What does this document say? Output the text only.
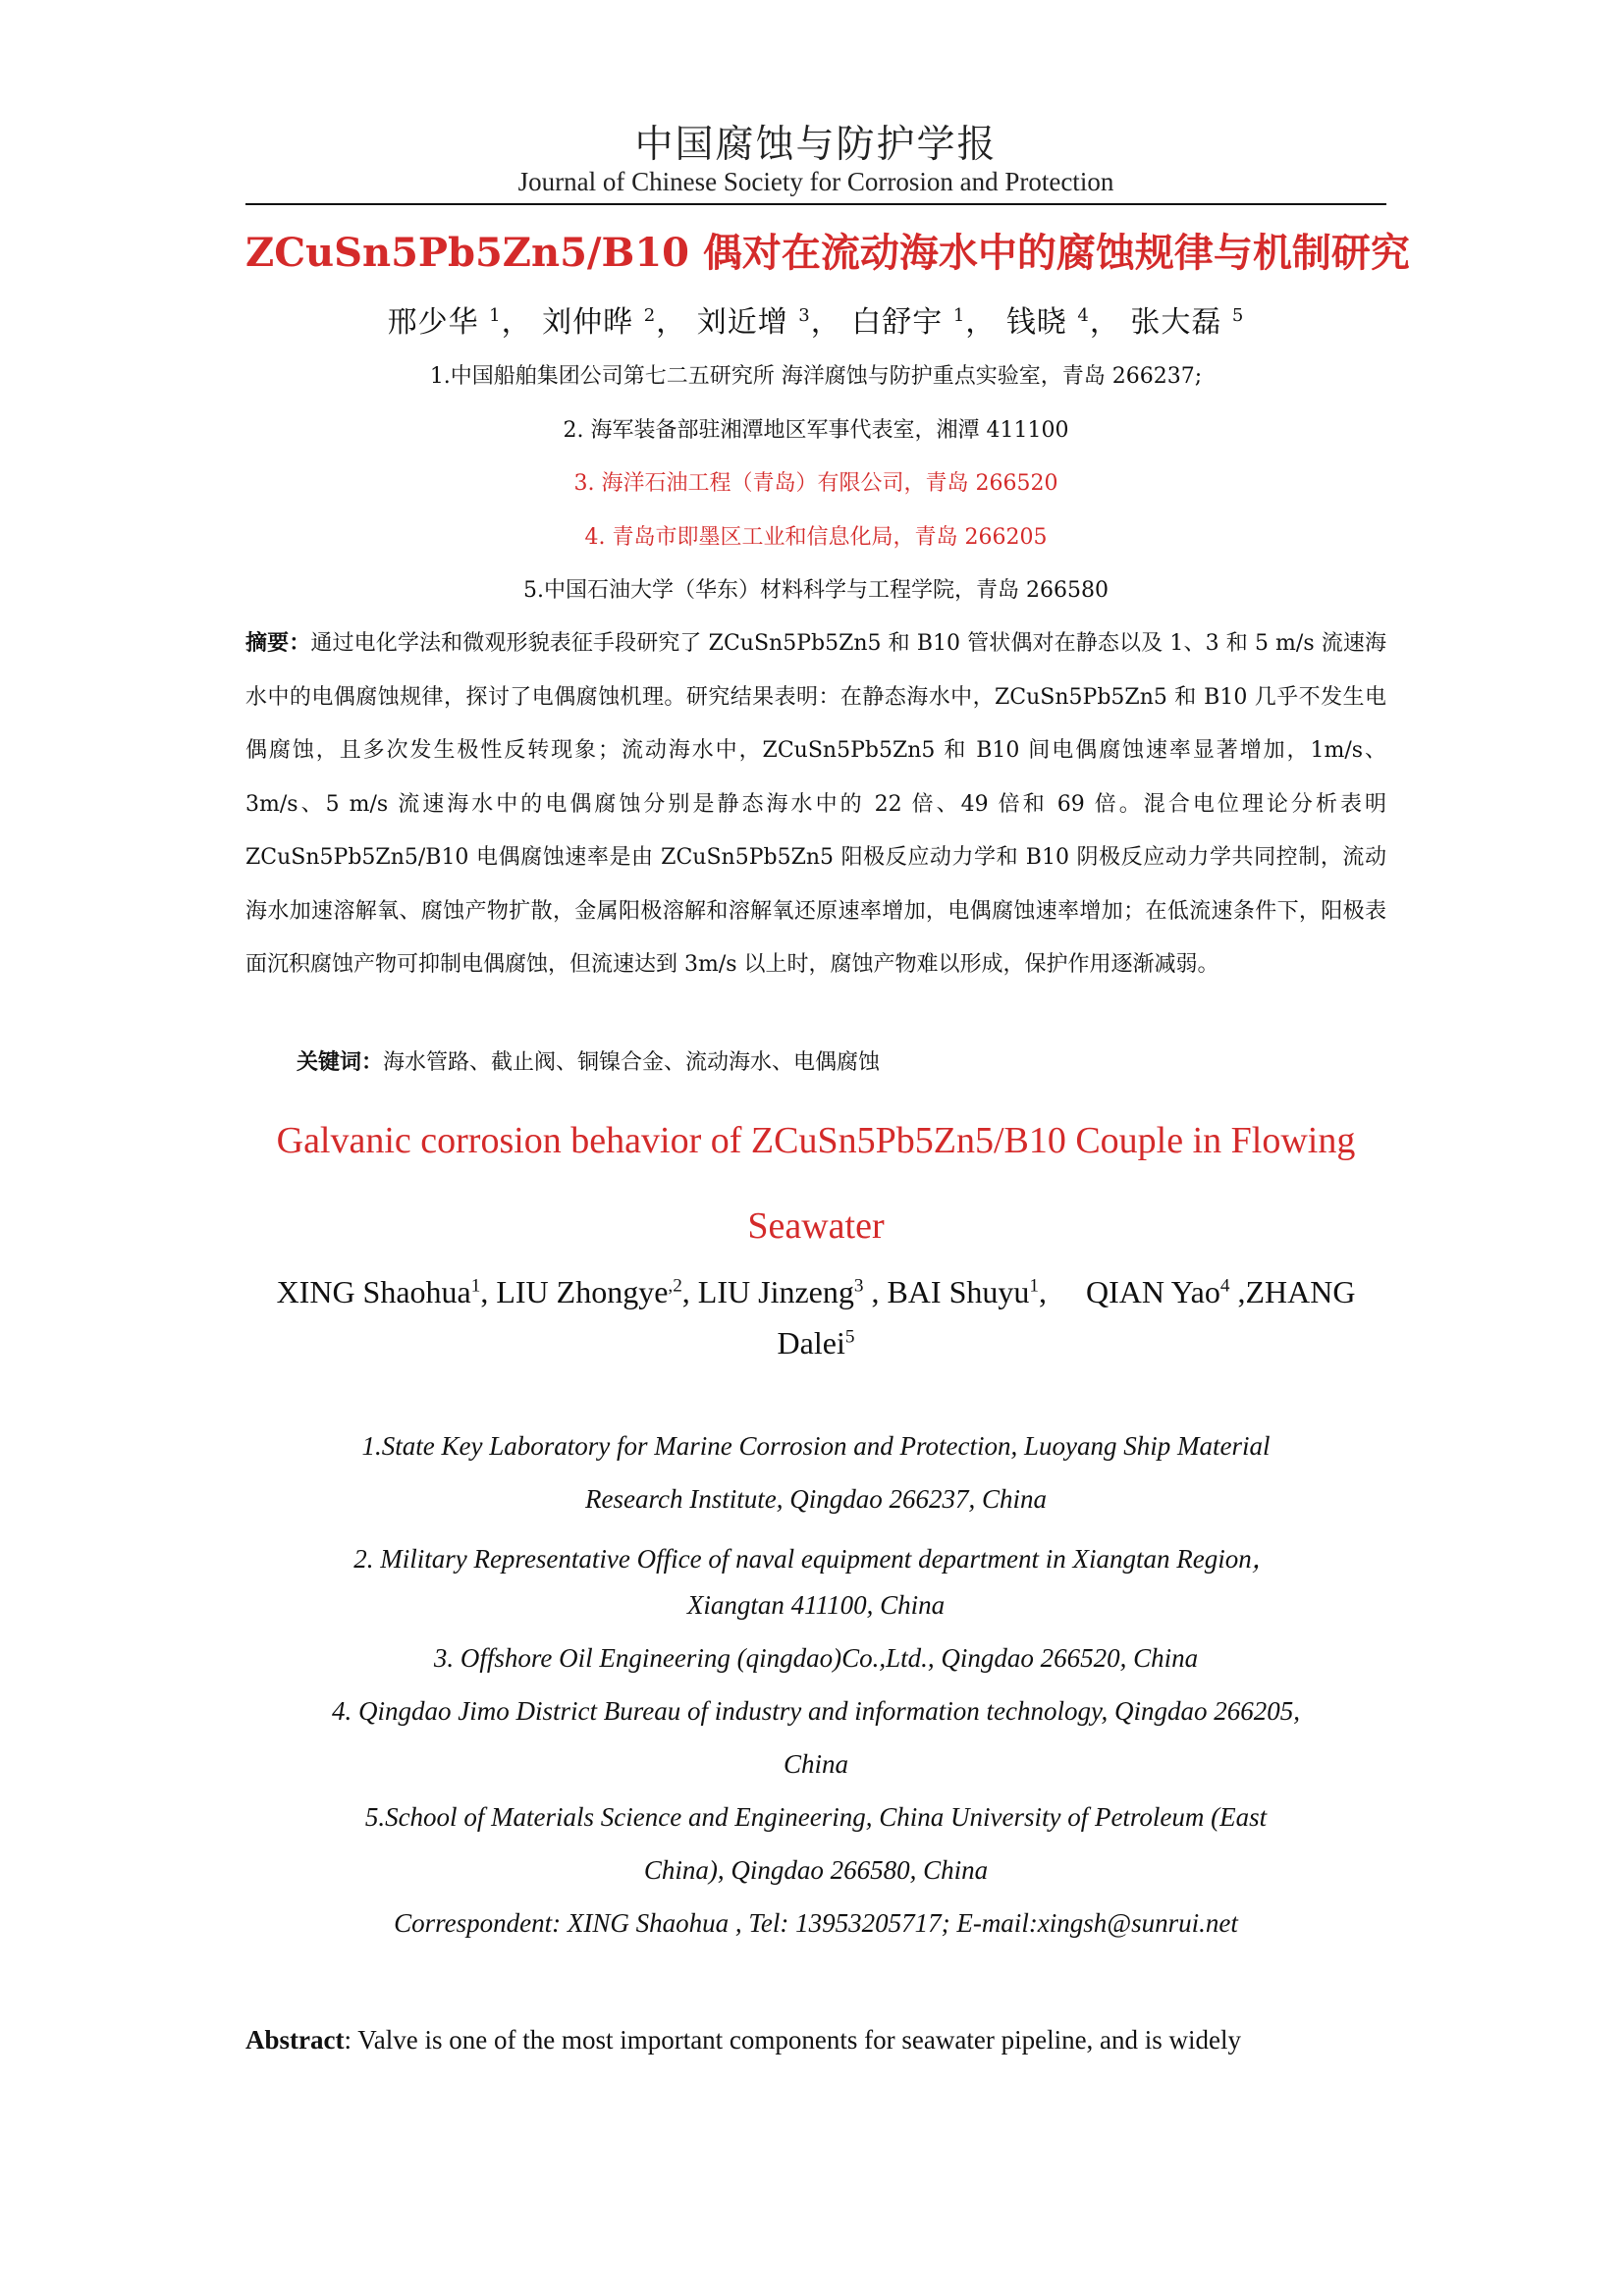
中国腐蚀与防护学报
Journal of Chinese Society for Corrosion and Protection
ZCuSn5Pb5Zn5/B10 偶对在流动海水中的腐蚀规律与机制研究
邢少华 $^1$， 刘仲晔 $^2$， 刘近增 $^3$， 白舒宇 $^1$， 钱晓 $^4$， 张大磊 $^5$
1.中国船舶集团公司第七二五研究所 海洋腐蚀与防护重点实验室，青岛 266237;
2. 海军装备部驻湘潭地区军事代表室，湘潭 411100
3. 海洋石油工程（青岛）有限公司，青岛 266520
4. 青岛市即墨区工业和信息化局，青岛 266205
5.中国石油大学（华东）材料科学与工程学院，青岛 266580
摘要：通过电化学法和微观形貌表征手段研究了 ZCuSn5Pb5Zn5 和 B10 管状偶对在静态以及 1、3 和 5 m/s 流速海水中的电偶腐蚀规律，探讨了电偶腐蚀机理。研究结果表明：在静态海水中，ZCuSn5Pb5Zn5 和 B10 几乎不发生电偶腐蚀，且多次发生极性反转现象；流动海水中，ZCuSn5Pb5Zn5 和 B10 间电偶腐蚀速率显著增加，1m/s、3m/s、5 m/s 流速海水中的电偶腐蚀分别是静态海水中的 22 倍、49 倍和 69 倍。混合电位理论分析表明 ZCuSn5Pb5Zn5/B10 电偶腐蚀速率是由 ZCuSn5Pb5Zn5 阳极反应动力学和 B10 阴极反应动力学共同控制，流动海水加速溶解氧、腐蚀产物扩散，金属阳极溶解和溶解氧还原速率增加，电偶腐蚀速率增加；在低流速条件下，阳极表面沉积腐蚀产物可抑制电偶腐蚀，但流速达到 3m/s 以上时，腐蚀产物难以形成，保护作用逐渐减弱。
关键词：海水管路、截止阀、铜镍合金、流动海水、电偶腐蚀
Galvanic corrosion behavior of ZCuSn5Pb5Zn5/B10 Couple in Flowing
Seawater
XING Shaohua$^1$, LIU Zhongye$^{,2}$, LIU Jinzeng$^3$ , BAI Shuyu$^1$,     QIAN Yao$^4$ ,ZHANG
Dalei$^5$
1.State Key Laboratory for Marine Corrosion and Protection, Luoyang Ship Material
Research Institute, Qingdao 266237, China
2. Military Representative Office of naval equipment department in Xiangtan Region，
Xiangtan 411100, China
3. Offshore Oil Engineering (qingdao)Co.,Ltd., Qingdao 266520, China
4. Qingdao Jimo District Bureau of industry and information technology, Qingdao 266205,
China
5.School of Materials Science and Engineering, China University of Petroleum (East
China), Qingdao 266580, China
Correspondent: XING Shaohua , Tel: 13953205717; E-mail:xingsh@sunrui.net
Abstract: Valve is one of the most important components for seawater pipeline, and is widely
